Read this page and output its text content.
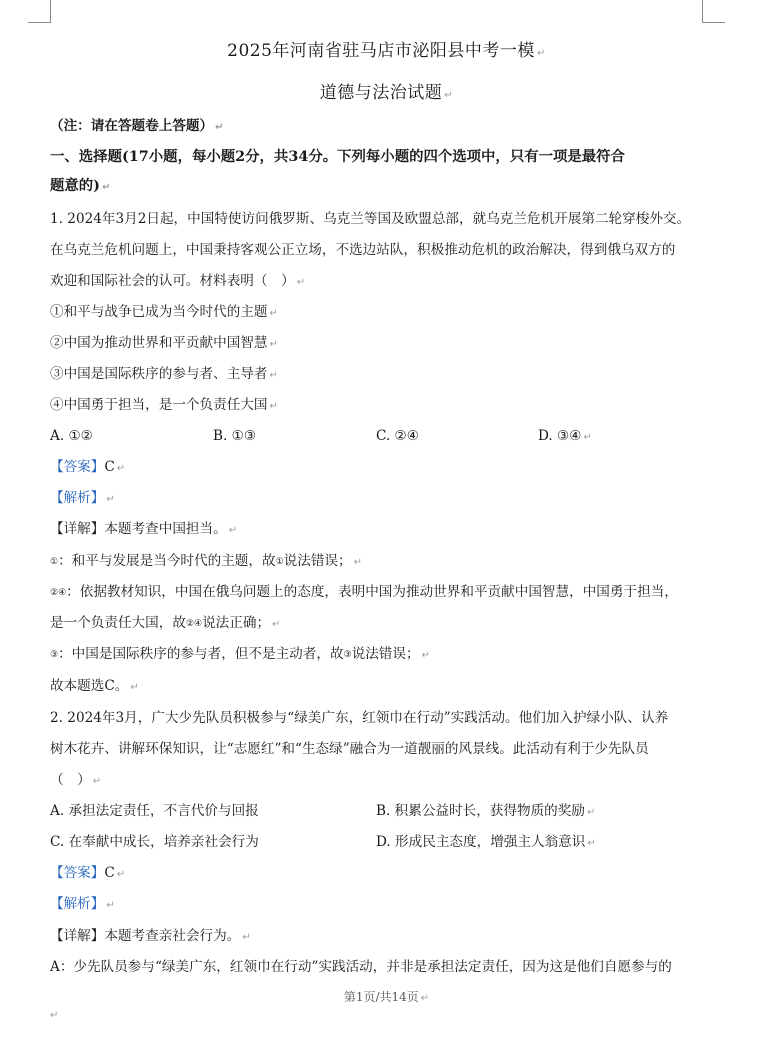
2025年河南省驻马店市泌阳县中考一模 ↵
道德与法治试题 ↵
（注：请在答题卷上答题） ↵
一、选择题(17小题，每小题2分，共34分。下列每小题的四个选项中，只有一项是最符合
题意的) ↵
1. 2024年3月2日起，中国特使访问俄罗斯、乌克兰等国及欧盟总部，就乌克兰危机开展第二轮穿梭外交。
在乌克兰危机问题上，中国秉持客观公正立场，不选边站队，积极推动危机的政治解决，得到俄乌双方的
欢迎和国际社会的认可。材料表明（　） ↵
①和平与战争已成为当今时代的主题 ↵
②中国为推动世界和平贡献中国智慧 ↵
③中国是国际秩序的参与者、主导者 ↵
④中国勇于担当，是一个负责任大国 ↵
A. ①②	B. ①③	C. ②④	D. ③④ ↵
【答案】C ↵
【解析】 ↵
【详解】本题考查中国担当。 ↵
①：和平与发展是当今时代的主题，故①说法错误； ↵
②④：依据教材知识，中国在俄乌问题上的态度，表明中国为推动世界和平贡献中国智慧，中国勇于担当，
是一个负责任大国，故②④说法正确； ↵
③：中国是国际秩序的参与者，但不是主动者，故③说法错误； ↵
故本题选C。 ↵
2. 2024年3月，广大少先队员积极参与“绿美广东，红领巾在行动”实践活动。他们加入护绿小队、认养
树木花卉、讲解环保知识，让“志愿红”和“生态绿”融合为一道靓丽的风景线。此活动有利于少先队员
（　） ↵
A. 承担法定责任，不言代价与回报	B. 积累公益时长，获得物质的奖励 ↵
C. 在奉献中成长，培养亲社会行为	D. 形成民主态度，增强主人翁意识 ↵
【答案】C ↵
【解析】 ↵
【详解】本题考查亲社会行为。 ↵
A：少先队员参与“绿美广东，红领巾在行动”实践活动，并非是承担法定责任，因为这是他们自愿参与的
第1页/共14页 ↵
↵
